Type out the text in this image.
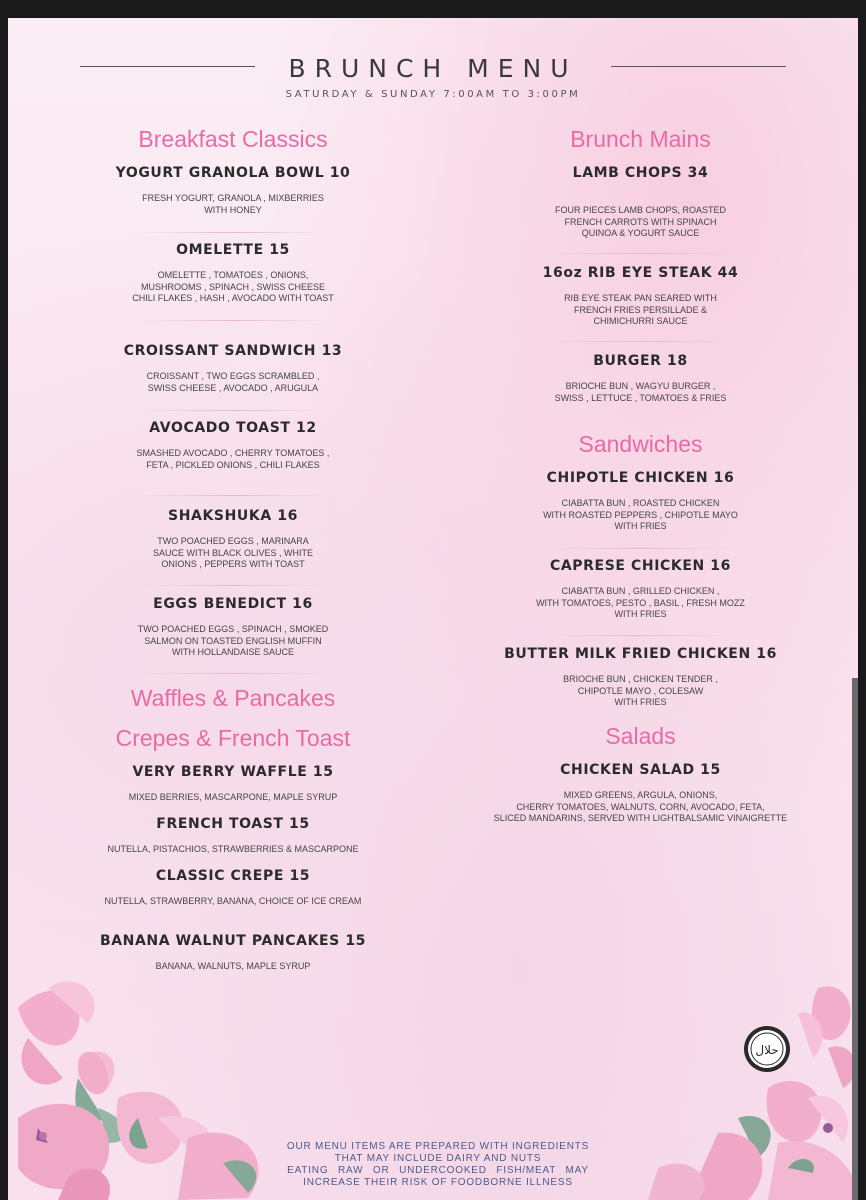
BRUNCH MENU
SATURDAY & SUNDAY 7:00AM TO 3:00PM
Breakfast Classics
Waffles & Pancakes
Crepes & French Toast
Brunch Mains
Sandwiches
Salads
YOGURT GRANOLA BOWL 10
FRESH YOGURT, GRANOLA , MIXBERRIES
WITH HONEY
OMELETTE 15
OMELETTE , TOMATOES , ONIONS,
MUSHROOMS , SPINACH , SWISS CHEESE
CHILI FLAKES , HASH , AVOCADO WITH TOAST
CROISSANT SANDWICH 13
CROISSANT , TWO EGGS SCRAMBLED ,
SWISS CHEESE , AVOCADO , ARUGULA
AVOCADO TOAST 12
SMASHED AVOCADO , CHERRY TOMATOES ,
FETA , PICKLED ONIONS , CHILI FLAKES
SHAKSHUKA 16
TWO POACHED EGGS , MARINARA
SAUCE WITH BLACK OLIVES , WHITE
ONIONS , PEPPERS WITH TOAST
EGGS BENEDICT 16
TWO POACHED EGGS , SPINACH , SMOKED
SALMON ON TOASTED ENGLISH MUFFIN
WITH HOLLANDAISE SAUCE
VERY BERRY WAFFLE 15
MIXED BERRIES, MASCARPONE, MAPLE SYRUP
FRENCH TOAST 15
NUTELLA, PISTACHIOS, STRAWBERRIES & MASCARPONE
CLASSIC CREPE 15
NUTELLA, STRAWBERRY, BANANA, CHOICE OF ICE CREAM
BANANA WALNUT PANCAKES 15
BANANA, WALNUTS, MAPLE SYRUP
LAMB CHOPS 34
FOUR PIECES LAMB CHOPS, ROASTED
FRENCH CARROTS WITH SPINACH
QUINOA & YOGURT SAUCE
16oz RIB EYE STEAK 44
RIB EYE STEAK PAN SEARED WITH
FRENCH FRIES PERSILLADE &
CHIMICHURRI SAUCE
BURGER 18
BRIOCHE BUN , WAGYU BURGER ,
SWISS , LETTUCE , TOMATOES & FRIES
CHIPOTLE CHICKEN 16
CIABATTA BUN , ROASTED CHICKEN
WITH ROASTED PEPPERS , CHIPOTLE MAYO
WITH FRIES
CAPRESE CHICKEN 16
CIABATTA BUN , GRILLED CHICKEN ,
WITH TOMATOES, PESTO , BASIL , FRESH MOZZ
WITH FRIES
BUTTER MILK FRIED CHICKEN 16
BRIOCHE BUN , CHICKEN TENDER ,
CHIPOTLE MAYO , COLESAW
WITH FRIES
CHICKEN SALAD 15
MIXED GREENS, ARGULA, ONIONS,
CHERRY TOMATOES, WALNUTS, CORN, AVOCADO, FETA,
SLICED MANDARINS, SERVED WITH LIGHTBALSAMIC VINAIGRETTE
حلال
OUR MENU ITEMS ARE PREPARED WITH INGREDIENTS
THAT MAY INCLUDE DAIRY AND NUTS
EATING RAW OR UNDERCOOKED FISH/MEAT MAY
INCREASE THEIR RISK OF FOODBORNE ILLNESS
